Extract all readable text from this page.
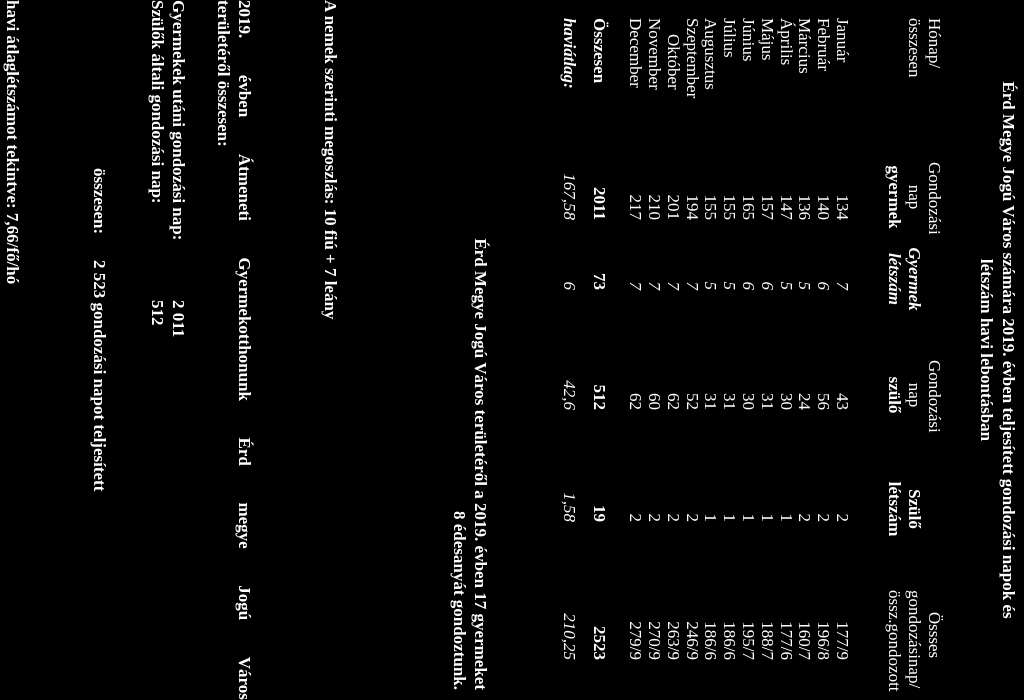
Érd Megye Jogú Város számára 2019. évben teljesített gondozási napok és
létszám havi lebontásban
Hónap/
Gondozási
Gondozási
Össses
összesen
nap
Gyermek
nap
Szülő
gondozásinap/
gyermek
létszám
szülő
létszám
össz.gondozott
Január
134
7
43
2
177/9
Február
140
6
56
2
196/8
Március
136
5
24
2
160/7
Április
147
5
30
1
177/6
Május
157
6
31
1
188/7
Június
165
6
30
1
195/7
Július
155
5
31
1
186/6
Augusztus
155
5
31
1
186/6
Szeptember
194
7
52
2
246/9
Október
201
7
62
2
263/9
November
210
7
60
2
270/9
December
217
7
62
2
279/9
Összesen
2011
73
512
19
2523
haviátlag:
167,58
6
42,6
1,58
210,25
Érd Megye Jogú Város területéről a 2019. évben 17 gyermeket
8 édesanyát gondoztunk.
A nemek szerinti megoszlás: 10 fiú + 7 leány
2019.
évben
Átmeneti
Gyermekotthonunk
Érd
megye
Jogú
Város
területéről összesen:
Gyermekek utáni gondozási nap:
2 011
Szülők általi gondozási nap:
512
összesen:
2 523 gondozási napot teljesített
havi átlaglétszámot tekintve: 7,66/fő/hó
